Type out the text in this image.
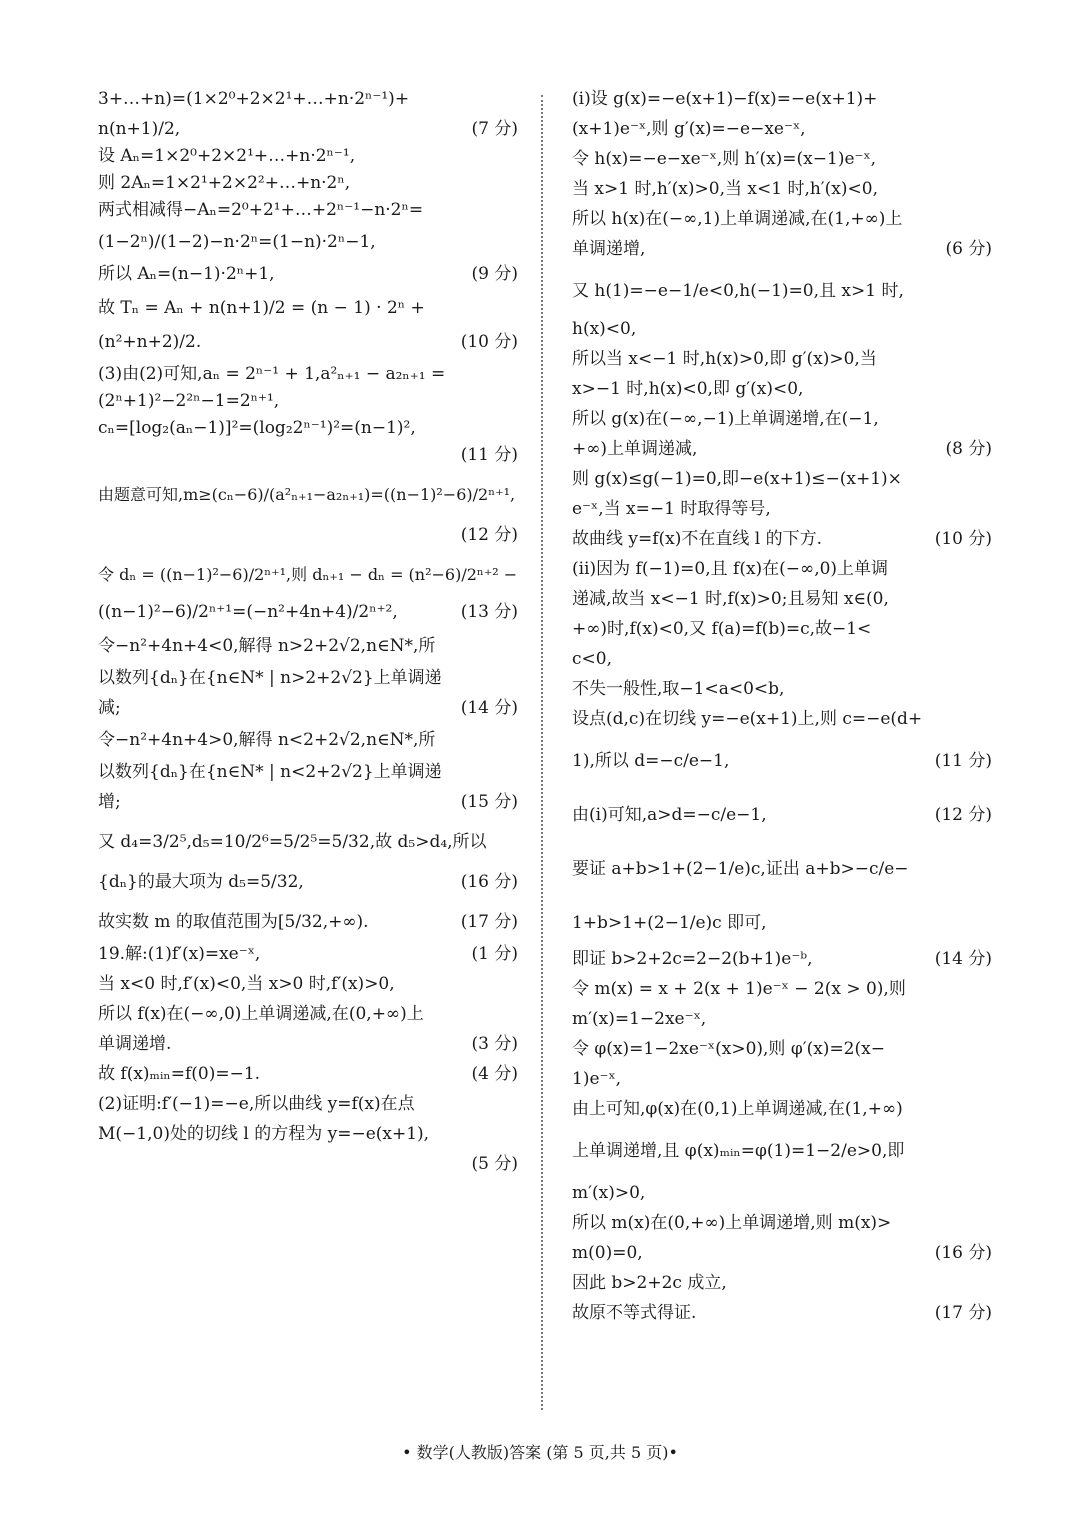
3+…+n)=(1×2⁰+2×2¹+…+n·2ⁿ⁻¹)+
n(n+1)/2,	(7 分)
设 Aₙ=1×2⁰+2×2¹+…+n·2ⁿ⁻¹,
则 2Aₙ=1×2¹+2×2²+…+n·2ⁿ,
两式相减得−Aₙ=2⁰+2¹+…+2ⁿ⁻¹−n·2ⁿ=
(1−2ⁿ)/(1−2)−n·2ⁿ=(1−n)·2ⁿ−1,
所以 Aₙ=(n−1)·2ⁿ+1,	(9 分)
故 Tₙ = Aₙ + n(n+1)/2 = (n − 1) · 2ⁿ +
(n²+n+2)/2.	(10 分)
(3)由(2)可知,aₙ = 2ⁿ⁻¹ + 1,a²ₙ₊₁ − a₂ₙ₊₁ =
(2ⁿ+1)²−2²ⁿ−1=2ⁿ⁺¹,
cₙ=[log₂(aₙ−1)]²=(log₂2ⁿ⁻¹)²=(n−1)²,
(11 分)
由题意可知,m≥(cₙ−6)/(a²ₙ₊₁−a₂ₙ₊₁)=((n−1)²−6)/2ⁿ⁺¹,
(12 分)
令 dₙ = ((n−1)²−6)/2ⁿ⁺¹,则 dₙ₊₁ − dₙ = (n²−6)/2ⁿ⁺² −
((n−1)²−6)/2ⁿ⁺¹=(−n²+4n+4)/2ⁿ⁺²,	(13 分)
令−n²+4n+4<0,解得 n>2+2√2,n∈N*,所
以数列{dₙ}在{n∈N* | n>2+2√2}上单调递
减;	(14 分)
令−n²+4n+4>0,解得 n<2+2√2,n∈N*,所
以数列{dₙ}在{n∈N* | n<2+2√2}上单调递
增;	(15 分)
又 d₄=3/2⁵,d₅=10/2⁶=5/2⁵=5/32,故 d₅>d₄,所以
{dₙ}的最大项为 d₅=5/32,	(16 分)
故实数 m 的取值范围为[5/32,+∞).	(17 分)
19.解:(1)f′(x)=xe⁻ˣ,	(1 分)
当 x<0 时,f′(x)<0,当 x>0 时,f′(x)>0,
所以 f(x)在(−∞,0)上单调递减,在(0,+∞)上
单调递增.	(3 分)
故 f(x)ₘᵢₙ=f(0)=−1.	(4 分)
(2)证明:f′(−1)=−e,所以曲线 y=f(x)在点
M(−1,0)处的切线 l 的方程为 y=−e(x+1),
(5 分)
(ⅰ)设 g(x)=−e(x+1)−f(x)=−e(x+1)+
(x+1)e⁻ˣ,则 g′(x)=−e−xe⁻ˣ,
令 h(x)=−e−xe⁻ˣ,则 h′(x)=(x−1)e⁻ˣ,
当 x>1 时,h′(x)>0,当 x<1 时,h′(x)<0,
所以 h(x)在(−∞,1)上单调递减,在(1,+∞)上
单调递增,	(6 分)
又 h(1)=−e−1/e<0,h(−1)=0,且 x>1 时,
h(x)<0,
所以当 x<−1 时,h(x)>0,即 g′(x)>0,当
x>−1 时,h(x)<0,即 g′(x)<0,
所以 g(x)在(−∞,−1)上单调递增,在(−1,
+∞)上单调递减,	(8 分)
则 g(x)≤g(−1)=0,即−e(x+1)≤−(x+1)×
e⁻ˣ,当 x=−1 时取得等号,
故曲线 y=f(x)不在直线 l 的下方.	(10 分)
(ⅱ)因为 f(−1)=0,且 f(x)在(−∞,0)上单调
递减,故当 x<−1 时,f(x)>0;且易知 x∈(0,
+∞)时,f(x)<0,又 f(a)=f(b)=c,故−1<
c<0,
不失一般性,取−1<a<0<b,
设点(d,c)在切线 y=−e(x+1)上,则 c=−e(d+
1),所以 d=−c/e−1,	(11 分)
由(ⅰ)可知,a>d=−c/e−1,	(12 分)
要证 a+b>1+(2−1/e)c,证出 a+b>−c/e−
1+b>1+(2−1/e)c 即可,
即证 b>2+2c=2−2(b+1)e⁻ᵇ,	(14 分)
令 m(x) = x + 2(x + 1)e⁻ˣ − 2(x > 0),则
m′(x)=1−2xe⁻ˣ,
令 φ(x)=1−2xe⁻ˣ(x>0),则 φ′(x)=2(x−
1)e⁻ˣ,
由上可知,φ(x)在(0,1)上单调递减,在(1,+∞)
上单调递增,且 φ(x)ₘᵢₙ=φ(1)=1−2/e>0,即
m′(x)>0,
所以 m(x)在(0,+∞)上单调递增,则 m(x)>
m(0)=0,	(16 分)
因此 b>2+2c 成立,
故原不等式得证.	(17 分)
• 数学(人教版)答案 (第 5 页,共 5 页)•
